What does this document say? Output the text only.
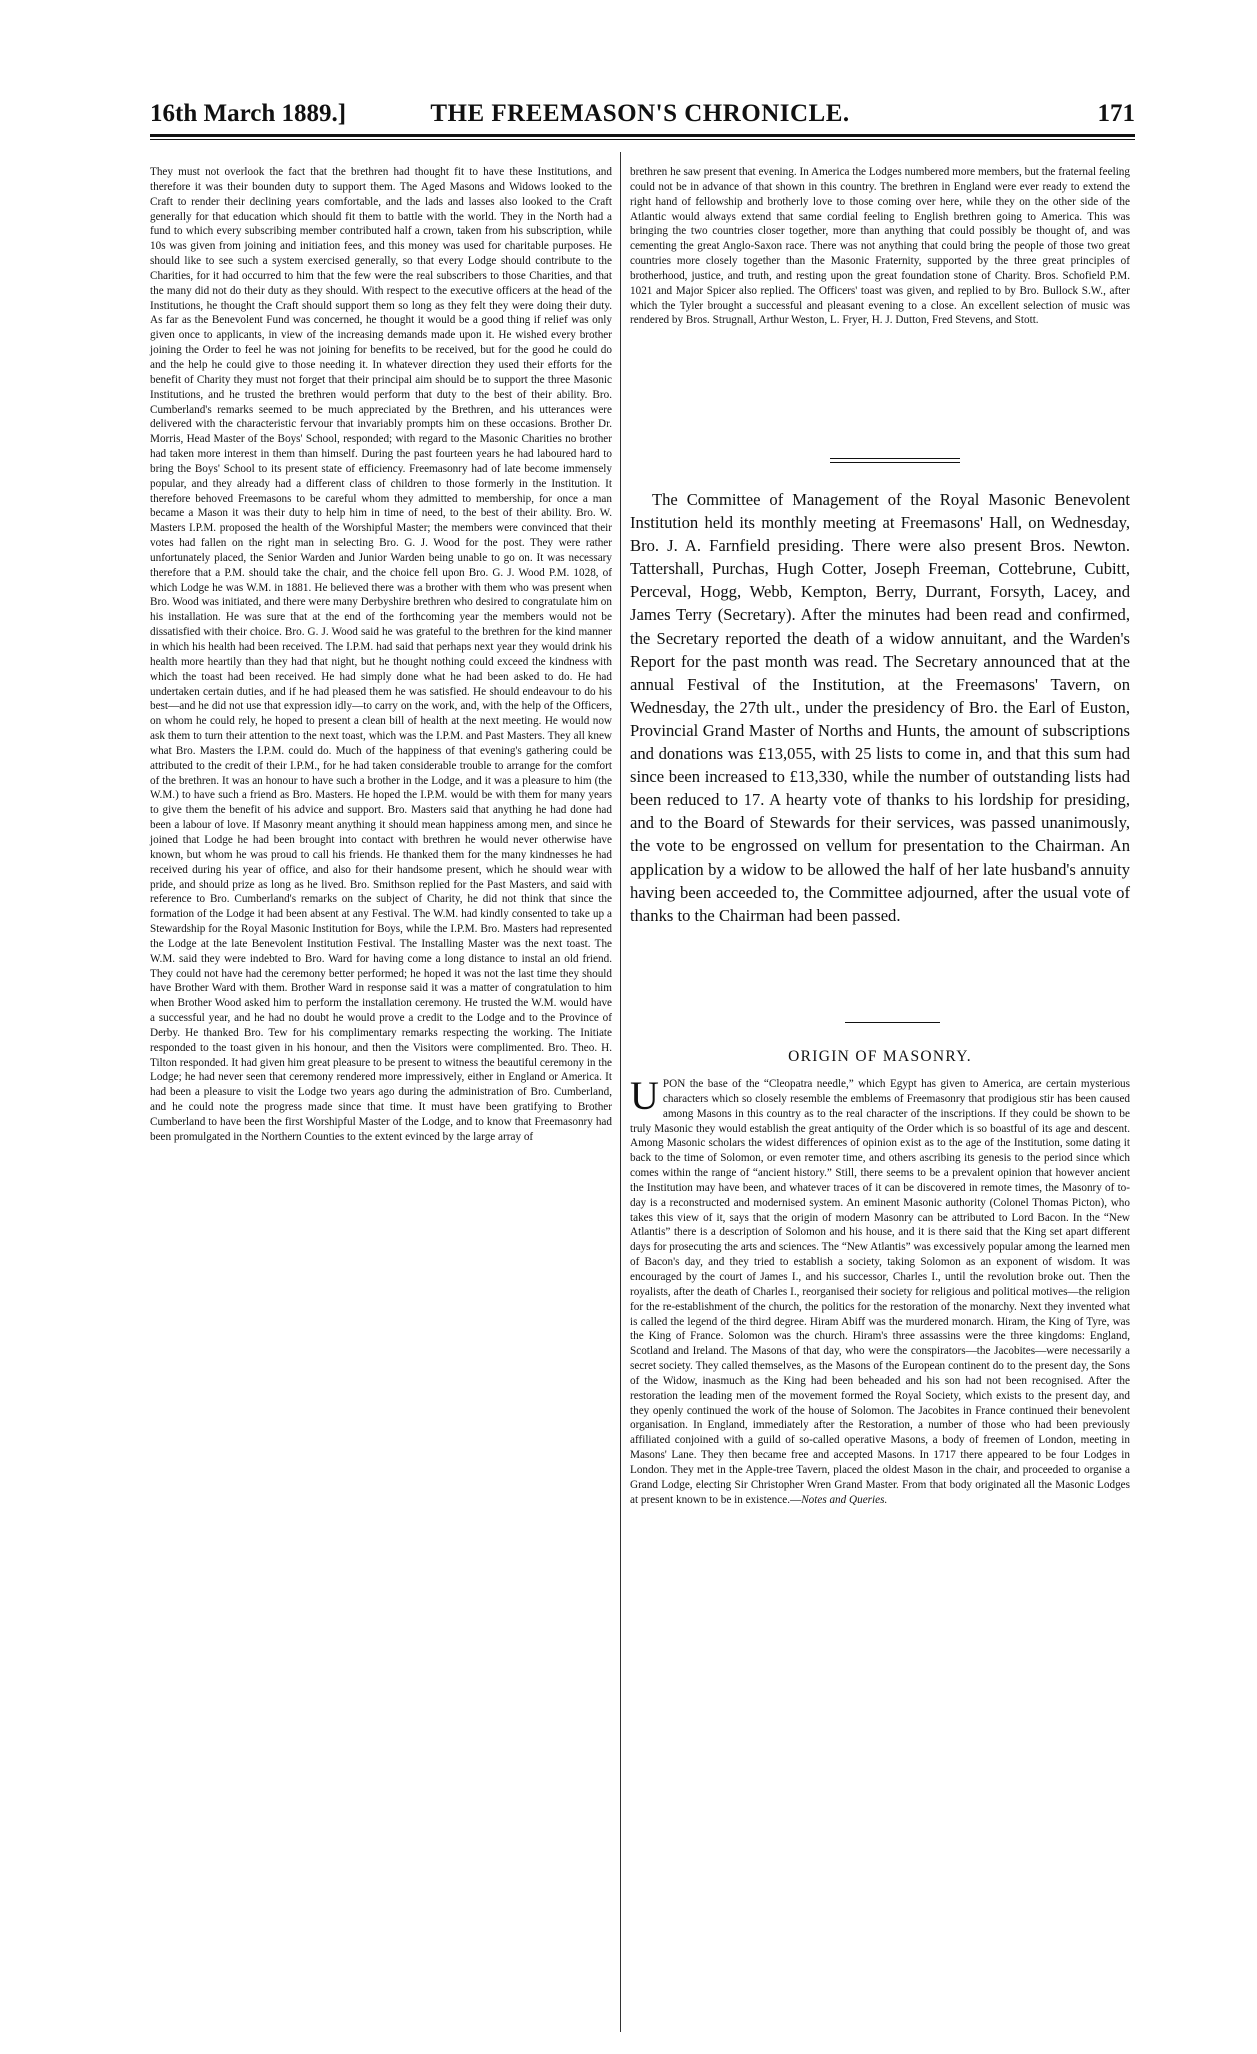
16th March 1889.]	THE FREEMASON'S CHRONICLE.	171

They must not overlook the fact that the brethren had thought fit to have these Institutions, and therefore it was their bounden duty to support them. The Aged Masons and Widows looked to the Craft to render their declining years comfortable, and the lads and lasses also looked to the Craft generally for that education which should fit them to battle with the world. They in the North had a fund to which every subscribing member contributed half a crown, taken from his subscription, while 10s was given from joining and initiation fees, and this money was used for charitable purposes. He should like to see such a system exercised generally, so that every Lodge should contribute to the Charities, for it had occurred to him that the few were the real subscribers to those Charities, and that the many did not do their duty as they should. With respect to the executive officers at the head of the Institutions, he thought the Craft should support them so long as they felt they were doing their duty. As far as the Benevolent Fund was concerned, he thought it would be a good thing if relief was only given once to applicants, in view of the increasing demands made upon it. He wished every brother joining the Order to feel he was not joining for benefits to be received, but for the good he could do and the help he could give to those needing it. In whatever direction they used their efforts for the benefit of Charity they must not forget that their principal aim should be to support the three Masonic Institutions, and he trusted the brethren would perform that duty to the best of their ability. Bro. Cumberland's remarks seemed to be much appreciated by the Brethren, and his utterances were delivered with the characteristic fervour that invariably prompts him on these occasions. Brother Dr. Morris, Head Master of the Boys' School, responded; with regard to the Masonic Charities no brother had taken more interest in them than himself. During the past fourteen years he had laboured hard to bring the Boys' School to its present state of efficiency. Freemasonry had of late become immensely popular, and they already had a different class of children to those formerly in the Institution. It therefore behoved Freemasons to be careful whom they admitted to membership, for once a man became a Mason it was their duty to help him in time of need, to the best of their ability. Bro. W. Masters I.P.M. proposed the health of the Worshipful Master; the members were convinced that their votes had fallen on the right man in selecting Bro. G. J. Wood for the post. They were rather unfortunately placed, the Senior Warden and Junior Warden being unable to go on. It was necessary therefore that a P.M. should take the chair, and the choice fell upon Bro. G. J. Wood P.M. 1028, of which Lodge he was W.M. in 1881. He believed there was a brother with them who was present when Bro. Wood was initiated, and there were many Derbyshire brethren who desired to congratulate him on his installation. He was sure that at the end of the forthcoming year the members would not be dissatisfied with their choice. Bro. G. J. Wood said he was grateful to the brethren for the kind manner in which his health had been received. The I.P.M. had said that perhaps next year they would drink his health more heartily than they had that night, but he thought nothing could exceed the kindness with which the toast had been received. He had simply done what he had been asked to do. He had undertaken certain duties, and if he had pleased them he was satisfied. He should endeavour to do his best—and he did not use that expression idly—to carry on the work, and, with the help of the Officers, on whom he could rely, he hoped to present a clean bill of health at the next meeting. He would now ask them to turn their attention to the next toast, which was the I.P.M. and Past Masters. They all knew what Bro. Masters the I.P.M. could do. Much of the happiness of that evening's gathering could be attributed to the credit of their I.P.M., for he had taken considerable trouble to arrange for the comfort of the brethren. It was an honour to have such a brother in the Lodge, and it was a pleasure to him (the W.M.) to have such a friend as Bro. Masters. He hoped the I.P.M. would be with them for many years to give them the benefit of his advice and support. Bro. Masters said that anything he had done had been a labour of love. If Masonry meant anything it should mean happiness among men, and since he joined that Lodge he had been brought into contact with brethren he would never otherwise have known, but whom he was proud to call his friends. He thanked them for the many kindnesses he had received during his year of office, and also for their handsome present, which he should wear with pride, and should prize as long as he lived. Bro. Smithson replied for the Past Masters, and said with reference to Bro. Cumberland's remarks on the subject of Charity, he did not think that since the formation of the Lodge it had been absent at any Festival. The W.M. had kindly consented to take up a Stewardship for the Royal Masonic Institution for Boys, while the I.P.M. Bro. Masters had represented the Lodge at the late Benevolent Institution Festival. The Installing Master was the next toast. The W.M. said they were indebted to Bro. Ward for having come a long distance to instal an old friend. They could not have had the ceremony better performed; he hoped it was not the last time they should have Brother Ward with them. Brother Ward in response said it was a matter of congratulation to him when Brother Wood asked him to perform the installation ceremony. He trusted the W.M. would have a successful year, and he had no doubt he would prove a credit to the Lodge and to the Province of Derby. He thanked Bro. Tew for his complimentary remarks respecting the working. The Initiate responded to the toast given in his honour, and then the Visitors were complimented. Bro. Theo. H. Tilton responded. It had given him great pleasure to be present to witness the beautiful ceremony in the Lodge; he had never seen that ceremony rendered more impressively, either in England or America. It had been a pleasure to visit the Lodge two years ago during the administration of Bro. Cumberland, and he could note the progress made since that time. It must have been gratifying to Brother Cumberland to have been the first Worshipful Master of the Lodge, and to know that Freemasonry had been promulgated in the Northern Counties to the extent evinced by the large array of

brethren he saw present that evening. In America the Lodges numbered more members, but the fraternal feeling could not be in advance of that shown in this country. The brethren in England were ever ready to extend the right hand of fellowship and brotherly love to those coming over here, while they on the other side of the Atlantic would always extend that same cordial feeling to English brethren going to America. This was bringing the two countries closer together, more than anything that could possibly be thought of, and was cementing the great Anglo-Saxon race. There was not anything that could bring the people of those two great countries more closely together than the Masonic Fraternity, supported by the three great principles of brotherhood, justice, and truth, and resting upon the great foundation stone of Charity. Bros. Schofield P.M. 1021 and Major Spicer also replied. The Officers' toast was given, and replied to by Bro. Bullock S.W., after which the Tyler brought a successful and pleasant evening to a close. An excellent selection of music was rendered by Bros. Strugnall, Arthur Weston, L. Fryer, H. J. Dutton, Fred Stevens, and Stott.

The Committee of Management of the Royal Masonic Benevolent Institution held its monthly meeting at Freemasons' Hall, on Wednesday, Bro. J. A. Farnfield presiding. There were also present Bros. Newton. Tattershall, Purchas, Hugh Cotter, Joseph Freeman, Cottebrune, Cubitt, Perceval, Hogg, Webb, Kempton, Berry, Durrant, Forsyth, Lacey, and James Terry (Secretary). After the minutes had been read and confirmed, the Secretary reported the death of a widow annuitant, and the Warden's Report for the past month was read. The Secretary announced that at the annual Festival of the Institution, at the Freemasons' Tavern, on Wednesday, the 27th ult., under the presidency of Bro. the Earl of Euston, Provincial Grand Master of Norths and Hunts, the amount of subscriptions and donations was £13,055, with 25 lists to come in, and that this sum had since been increased to £13,330, while the number of outstanding lists had been reduced to 17. A hearty vote of thanks to his lordship for presiding, and to the Board of Stewards for their services, was passed unanimously, the vote to be engrossed on vellum for presentation to the Chairman. An application by a widow to be allowed the half of her late husband's annuity having been acceeded to, the Committee adjourned, after the usual vote of thanks to the Chairman had been passed.

ORIGIN OF MASONRY.

UPON the base of the “Cleopatra needle,” which Egypt has given to America, are certain mysterious characters which so closely resemble the emblems of Freemasonry that prodigious stir has been caused among Masons in this country as to the real character of the inscriptions. If they could be shown to be truly Masonic they would establish the great antiquity of the Order which is so boastful of its age and descent. Among Masonic scholars the widest differences of opinion exist as to the age of the Institution, some dating it back to the time of Solomon, or even remoter time, and others ascribing its genesis to the period since which comes within the range of “ancient history.” Still, there seems to be a prevalent opinion that however ancient the Institution may have been, and whatever traces of it can be discovered in remote times, the Masonry of to-day is a reconstructed and modernised system. An eminent Masonic authority (Colonel Thomas Picton), who takes this view of it, says that the origin of modern Masonry can be attributed to Lord Bacon. In the “New Atlantis” there is a description of Solomon and his house, and it is there said that the King set apart different days for prosecuting the arts and sciences. The “New Atlantis” was excessively popular among the learned men of Bacon's day, and they tried to establish a society, taking Solomon as an exponent of wisdom. It was encouraged by the court of James I., and his successor, Charles I., until the revolution broke out. Then the royalists, after the death of Charles I., reorganised their society for religious and political motives—the religion for the re-establishment of the church, the politics for the restoration of the monarchy. Next they invented what is called the legend of the third degree. Hiram Abiff was the murdered monarch. Hiram, the King of Tyre, was the King of France. Solomon was the church. Hiram's three assassins were the three kingdoms: England, Scotland and Ireland. The Masons of that day, who were the conspirators—the Jacobites—were necessarily a secret society. They called themselves, as the Masons of the European continent do to the present day, the Sons of the Widow, inasmuch as the King had been beheaded and his son had not been recognised. After the restoration the leading men of the movement formed the Royal Society, which exists to the present day, and they openly continued the work of the house of Solomon. The Jacobites in France continued their benevolent organisation. In England, immediately after the Restoration, a number of those who had been previously affiliated conjoined with a guild of so-called operative Masons, a body of freemen of London, meeting in Masons' Lane. They then became free and accepted Masons. In 1717 there appeared to be four Lodges in London. They met in the Apple-tree Tavern, placed the oldest Mason in the chair, and proceeded to organise a Grand Lodge, electing Sir Christopher Wren Grand Master. From that body originated all the Masonic Lodges at present known to be in existence.—Notes and Queries.
